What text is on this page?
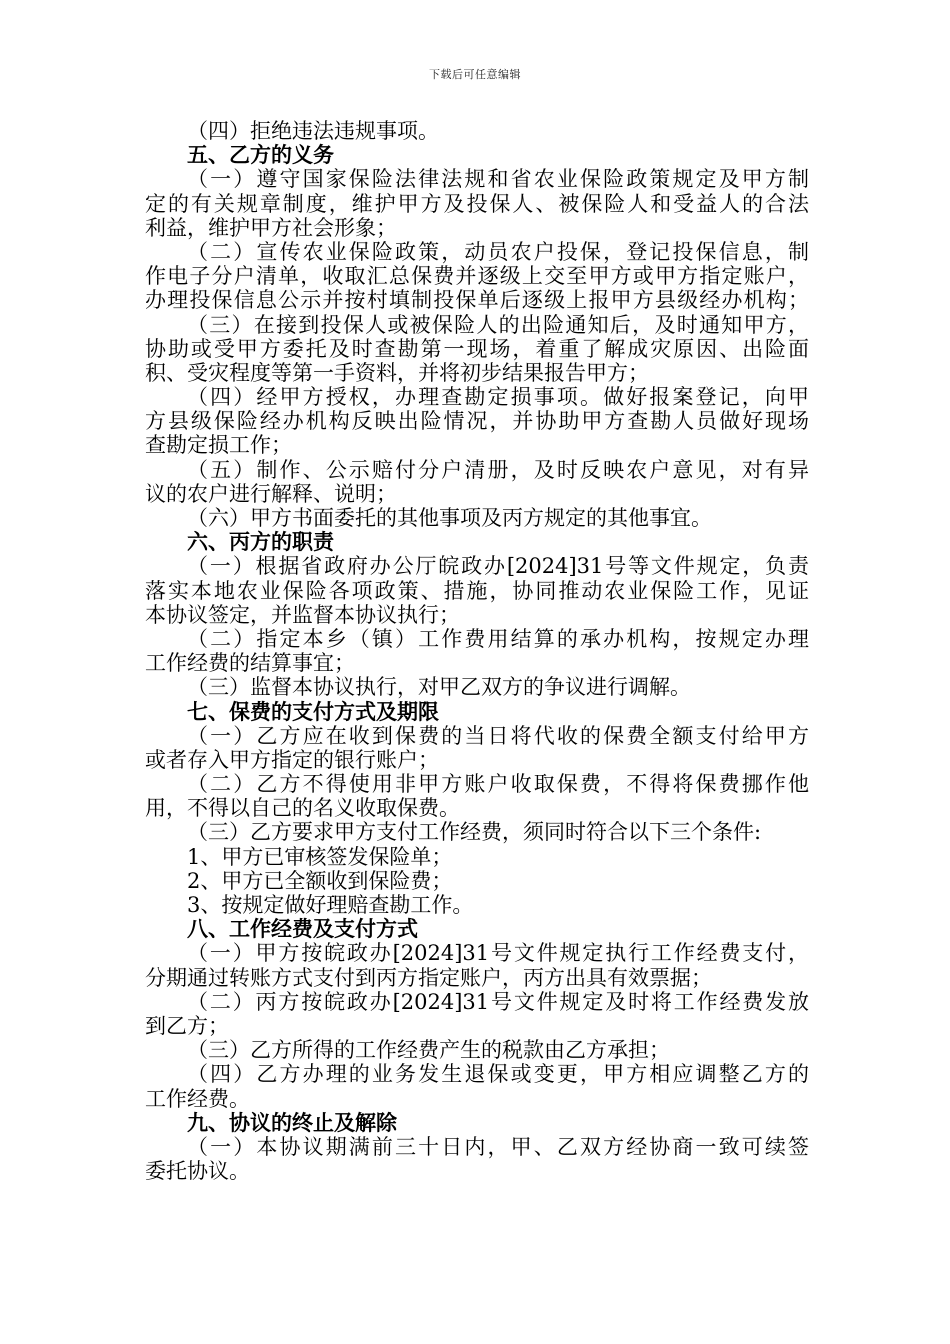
下载后可任意编辑
（四）拒绝违法违规事项。
五、乙方的义务
（一）遵守国家保险法律法规和省农业保险政策规定及甲方制
定的有关规章制度，维护甲方及投保人、被保险人和受益人的合法
利益，维护甲方社会形象；
（二）宣传农业保险政策，动员农户投保，登记投保信息，制
作电子分户清单，收取汇总保费并逐级上交至甲方或甲方指定账户，
办理投保信息公示并按村填制投保单后逐级上报甲方县级经办机构；
（三）在接到投保人或被保险人的出险通知后，及时通知甲方，
协助或受甲方委托及时查勘第一现场，着重了解成灾原因、出险面
积、受灾程度等第一手资料，并将初步结果报告甲方；
（四）经甲方授权，办理查勘定损事项。做好报案登记，向甲
方县级保险经办机构反映出险情况，并协助甲方查勘人员做好现场
查勘定损工作；
（五）制作、公示赔付分户清册，及时反映农户意见，对有异
议的农户进行解释、说明；
（六）甲方书面委托的其他事项及丙方规定的其他事宜。
六、丙方的职责
（一）根据省政府办公厅皖政办[2024]31号等文件规定，负责
落实本地农业保险各项政策、措施，协同推动农业保险工作，见证
本协议签定，并监督本协议执行；
（二）指定本乡（镇）工作费用结算的承办机构，按规定办理
工作经费的结算事宜；
（三）监督本协议执行，对甲乙双方的争议进行调解。
七、保费的支付方式及期限
（一）乙方应在收到保费的当日将代收的保费全额支付给甲方
或者存入甲方指定的银行账户；
（二）乙方不得使用非甲方账户收取保费，不得将保费挪作他
用，不得以自己的名义收取保费。
（三）乙方要求甲方支付工作经费，须同时符合以下三个条件:
1、甲方已审核签发保险单；
2、甲方已全额收到保险费；
3、按规定做好理赔查勘工作。
八、工作经费及支付方式
（一）甲方按皖政办[2024]31号文件规定执行工作经费支付，
分期通过转账方式支付到丙方指定账户，丙方出具有效票据；
（二）丙方按皖政办[2024]31号文件规定及时将工作经费发放
到乙方；
（三）乙方所得的工作经费产生的税款由乙方承担；
（四）乙方办理的业务发生退保或变更，甲方相应调整乙方的
工作经费。
九、协议的终止及解除
（一）本协议期满前三十日内，甲、乙双方经协商一致可续签
委托协议。
